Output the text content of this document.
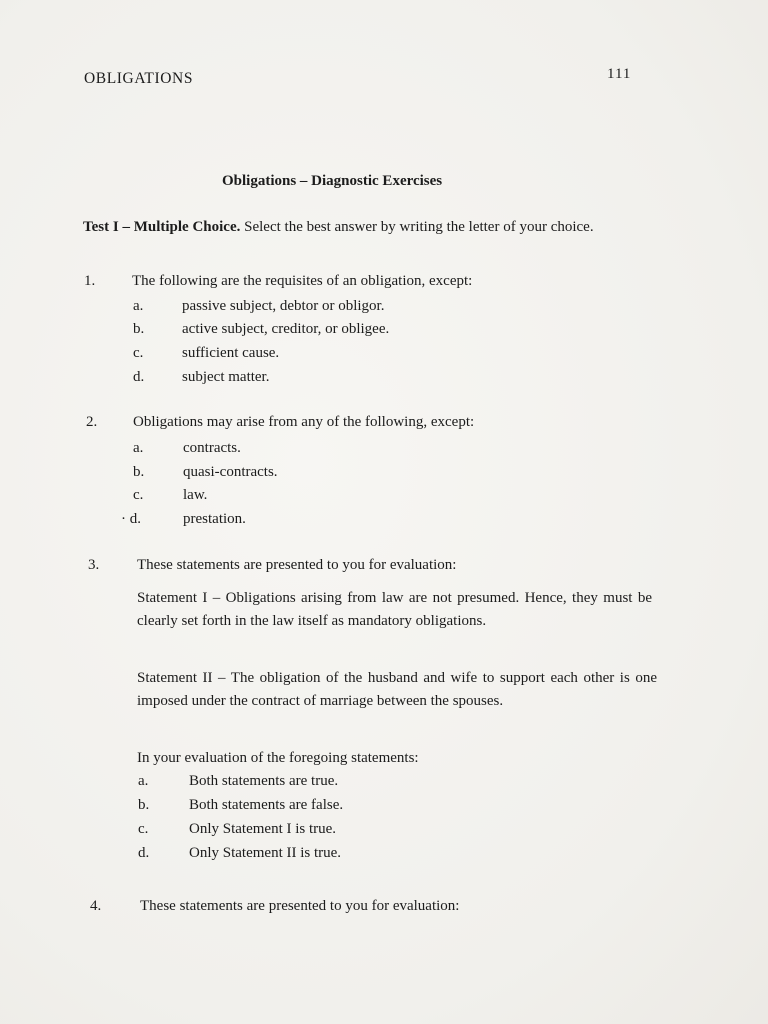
OBLIGATIONS	111
Obligations – Diagnostic Exercises
Test I – Multiple Choice. Select the best answer by writing the letter of your choice.
1. The following are the requisites of an obligation, except:
a.	passive subject, debtor or obligor.
b.	active subject, creditor, or obligee.
c.	sufficient cause.
d.	subject matter.
2. Obligations may arise from any of the following, except:
a.	contracts.
b.	quasi-contracts.
c.	law.
· d.	prestation.
3.	These statements are presented to you for evaluation:
Statement I – Obligations arising from law are not presumed. Hence, they must be clearly set forth in the law itself as mandatory obligations.
Statement II – The obligation of the husband and wife to support each other is one imposed under the contract of marriage between the spouses.
In your evaluation of the foregoing statements:
a.	Both statements are true.
b.	Both statements are false.
c.	Only Statement I is true.
d.	Only Statement II is true.
4.	These statements are presented to you for evaluation:
